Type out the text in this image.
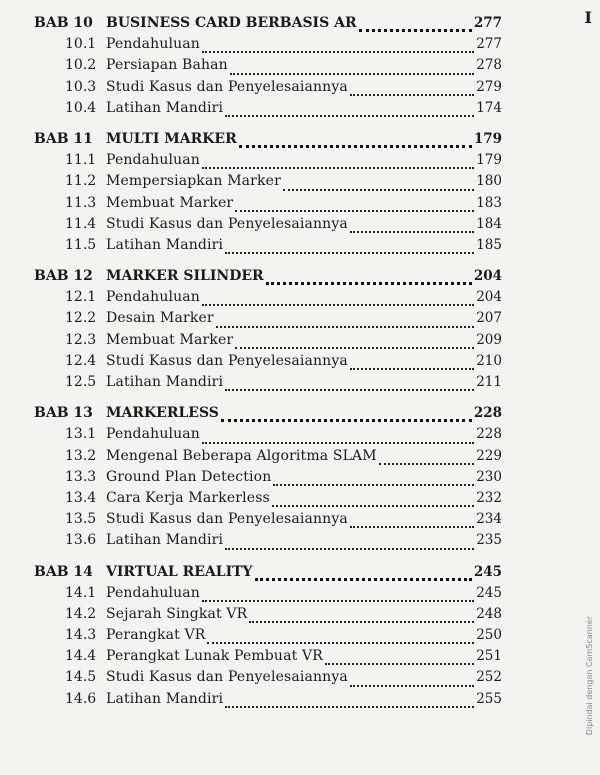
I
BAB 10 BUSINESS CARD BERBASIS AR	277
10.1 Pendahuluan	277
10.2 Persiapan Bahan	278
10.3 Studi Kasus dan Penyelesaiannya	279
10.4 Latihan Mandiri	174
BAB 11 MULTI MARKER	179
11.1 Pendahuluan	179
11.2 Mempersiapkan Marker	180
11.3 Membuat Marker	183
11.4 Studi Kasus dan Penyelesaiannya	184
11.5 Latihan Mandiri	185
BAB 12 MARKER SILINDER	204
12.1 Pendahuluan	204
12.2 Desain Marker	207
12.3 Membuat Marker	209
12.4 Studi Kasus dan Penyelesaiannya	210
12.5 Latihan Mandiri	211
BAB 13 MARKERLESS	228
13.1 Pendahuluan	228
13.2 Mengenal Beberapa Algoritma SLAM	229
13.3 Ground Plan Detection	230
13.4 Cara Kerja Markerless	232
13.5 Studi Kasus dan Penyelesaiannya	234
13.6 Latihan Mandiri	235
BAB 14 VIRTUAL REALITY	245
14.1 Pendahuluan	245
14.2 Sejarah Singkat VR	248
14.3 Perangkat VR	250
14.4 Perangkat Lunak Pembuat VR	251
14.5 Studi Kasus dan Penyelesaiannya	252
14.6 Latihan Mandiri	255	Dipindai dengan CamScanner
